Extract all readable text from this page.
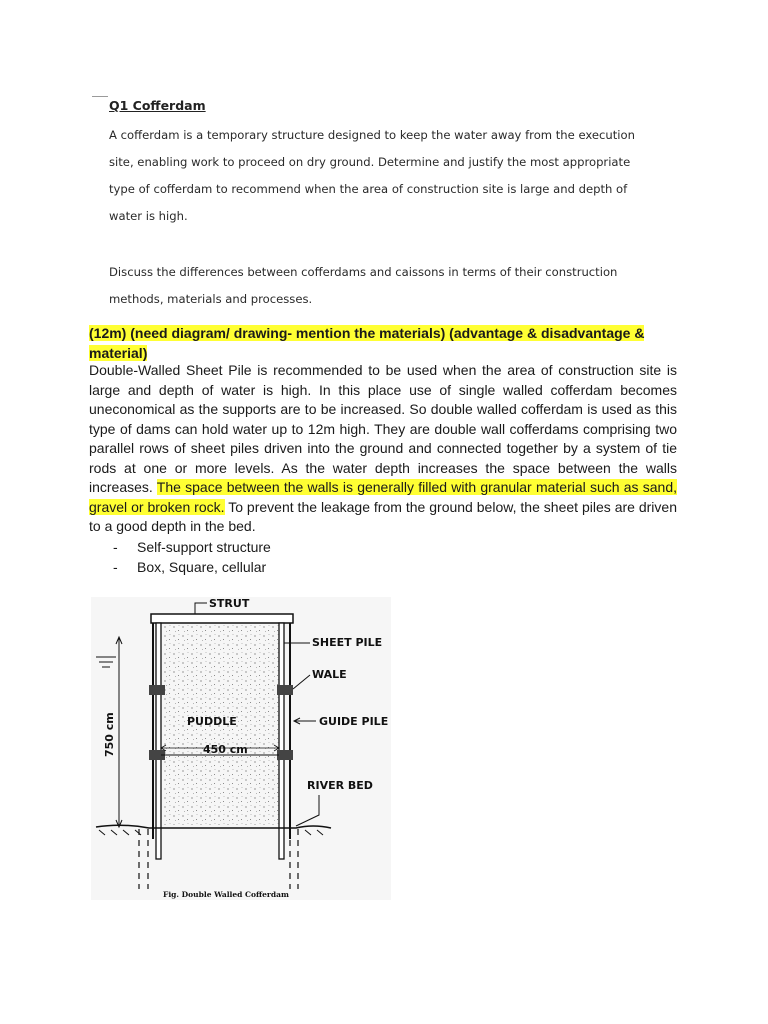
Q1 Cofferdam

A cofferdam is a temporary structure designed to keep the water away from the execution site, enabling work to proceed on dry ground. Determine and justify the most appropriate type of cofferdam to recommend when the area of construction site is large and depth of water is high.

Discuss the differences between cofferdams and caissons in terms of their construction methods, materials and processes.

(12m) (need diagram/ drawing- mention the materials) (advantage & disadvantage & material)

Double-Walled Sheet Pile is recommended to be used when the area of construction site is large and depth of water is high. In this place use of single walled cofferdam becomes uneconomical as the supports are to be increased. So double walled cofferdam is used as this type of dams can hold water up to 12m high. They are double wall cofferdams comprising two parallel rows of sheet piles driven into the ground and connected together by a system of tie rods at one or more levels. As the water depth increases the space between the walls increases. The space between the walls is generally filled with granular material such as sand, gravel or broken rock. To prevent the leakage from the ground below, the sheet piles are driven to a good depth in the bed.

-	Self-support structure
-	Box, Square, cellular
750 cm	PUDDLE
450 cm
STRUT
SHEET PILE
WALE
GUIDE PILE
RIVER BED
Fig. Double Walled Cofferdam
